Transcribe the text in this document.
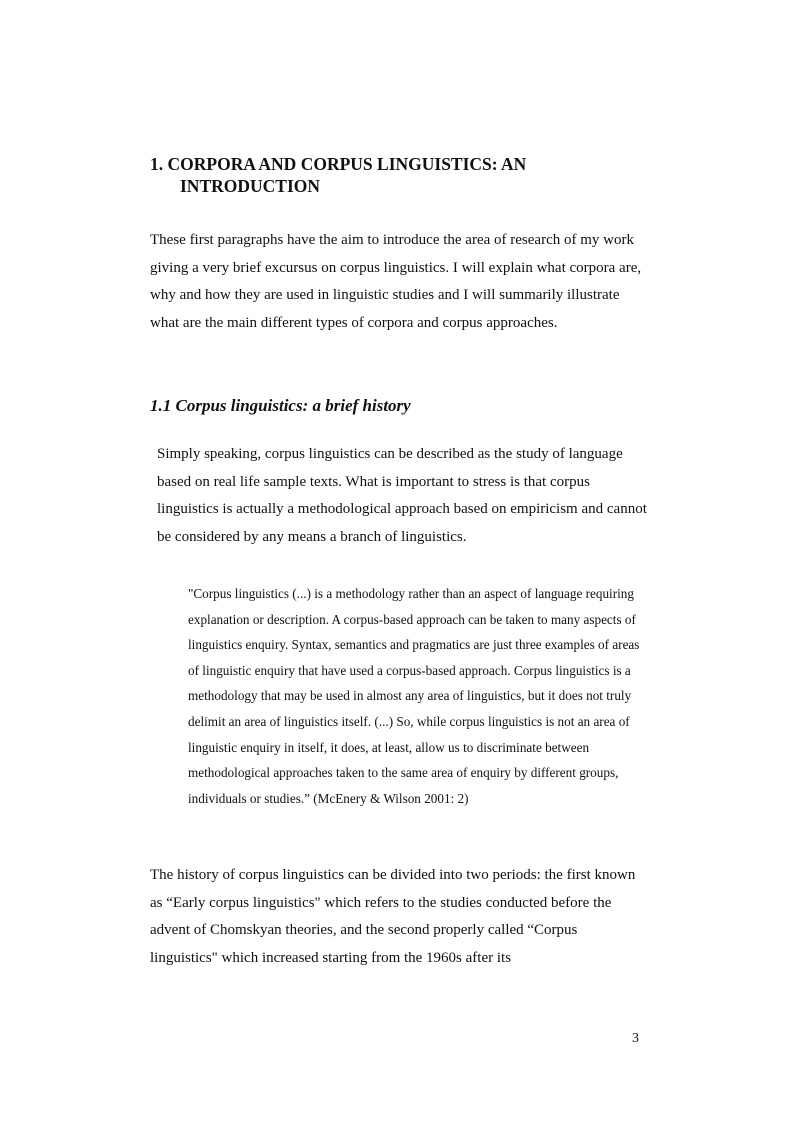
1. CORPORA AND CORPUS LINGUISTICS: AN
INTRODUCTION

These first paragraphs have the aim to introduce the area of research of my work giving a very brief excursus on corpus linguistics. I will explain what corpora are, why and how they are used in linguistic studies and I will summarily illustrate what are the main different types of corpora and corpus approaches.

1.1 Corpus linguistics: a brief history

Simply speaking, corpus linguistics can be described as the study of language based on real life sample texts. What is important to stress is that corpus linguistics is actually a methodological approach based on empiricism and cannot be considered by any means a branch of linguistics.

"Corpus linguistics (...) is a methodology rather than an aspect of language requiring explanation or description. A corpus-based approach can be taken to many aspects of linguistics enquiry. Syntax, semantics and pragmatics are just three examples of areas of linguistic enquiry that have used a corpus-based approach. Corpus linguistics is a methodology that may be used in almost any area of linguistics, but it does not truly delimit an area of linguistics itself. (...) So, while corpus linguistics is not an area of linguistic enquiry in itself, it does, at least, allow us to discriminate between methodological approaches taken to the same area of enquiry by different groups, individuals or studies.” (McEnery & Wilson 2001: 2)

The history of corpus linguistics can be divided into two periods: the first known as “Early corpus linguistics" which refers to the studies conducted before the advent of Chomskyan theories, and the second properly called “Corpus linguistics" which increased starting from the 1960s after its

3
